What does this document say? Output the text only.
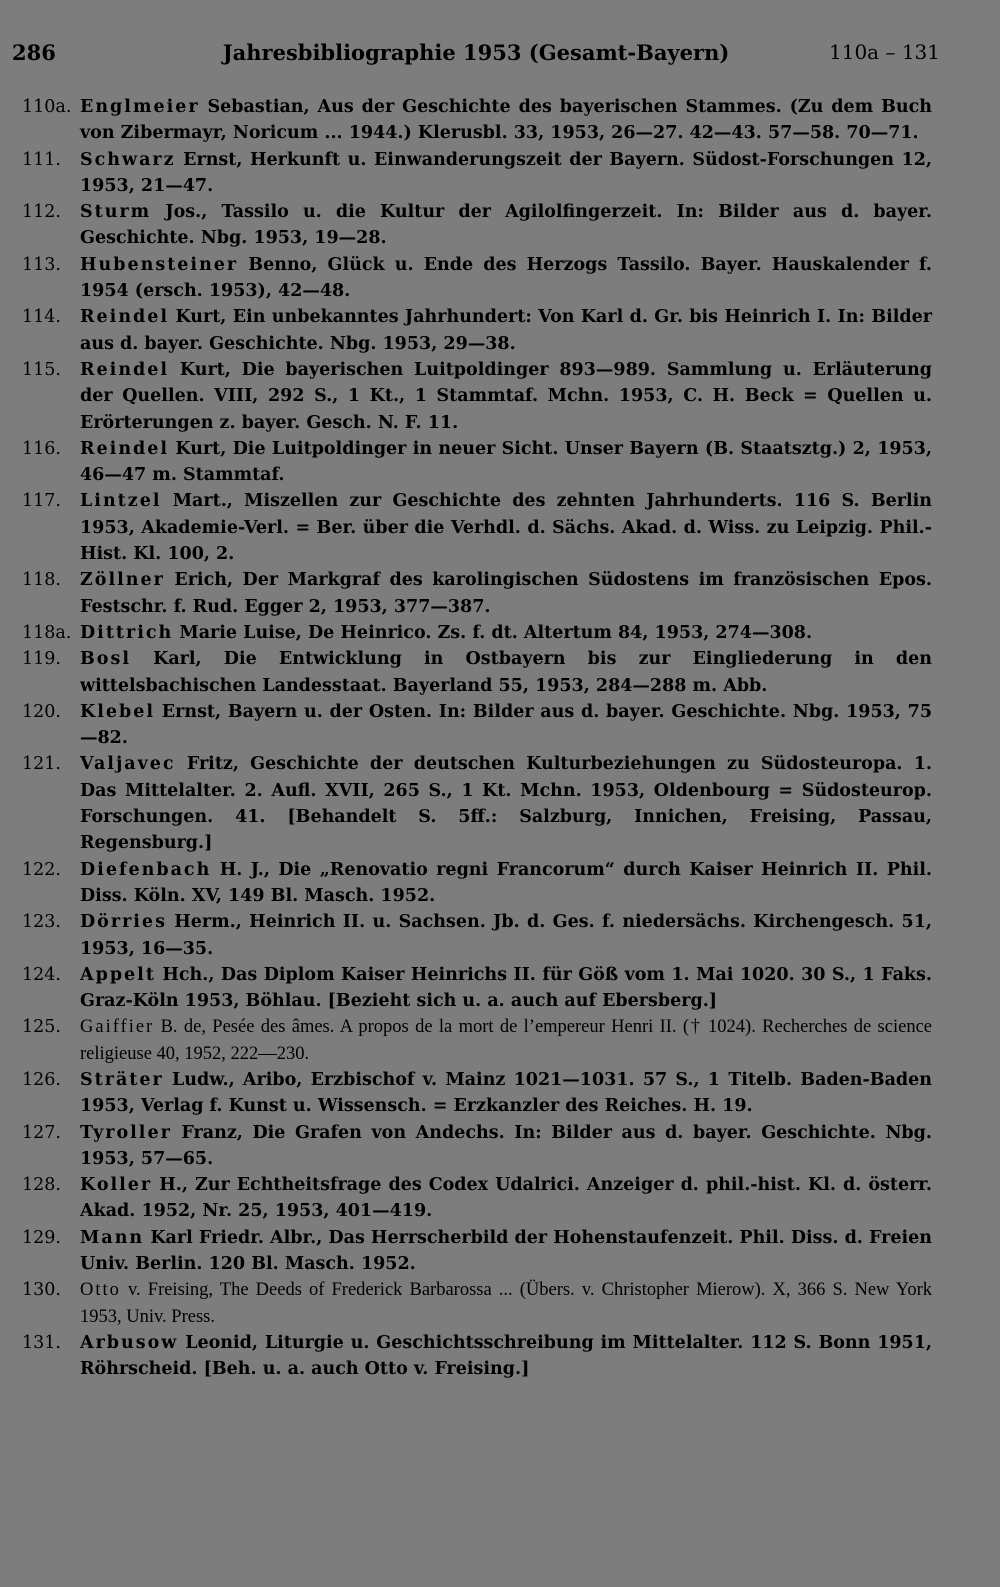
286	Jahresbibliographie 1953 (Gesamt-Bayern)	110a – 131
110a. Englmeier Sebastian, Aus der Geschichte des bayerischen Stammes. (Zu dem Buch von Zibermayr, Noricum ... 1944.) Klerusbl. 33, 1953, 26—27. 42—43. 57—58. 70—71.
111.	Schwarz Ernst, Herkunft u. Einwanderungszeit der Bayern. Südost-Forschungen 12, 1953, 21—47.
112.	Sturm Jos., Tassilo u. die Kultur der Agilolfingerzeit. In: Bilder aus d. bayer. Geschichte. Nbg. 1953, 19—28.
113.	Hubensteiner Benno, Glück u. Ende des Herzogs Tassilo. Bayer. Hauskalender f. 1954 (ersch. 1953), 42—48.
114.	Reindel Kurt, Ein unbekanntes Jahrhundert: Von Karl d. Gr. bis Heinrich I. In: Bilder aus d. bayer. Geschichte. Nbg. 1953, 29—38.
115.	Reindel Kurt, Die bayerischen Luitpoldinger 893—989. Sammlung u. Erläuterung der Quellen. VIII, 292 S., 1 Kt., 1 Stammtaf. Mchn. 1953, C. H. Beck = Quellen u. Erörterungen z. bayer. Gesch. N. F. 11.
116.	Reindel Kurt, Die Luitpoldinger in neuer Sicht. Unser Bayern (B. Staatsztg.) 2, 1953, 46—47 m. Stammtaf.
117.	Lintzel Mart., Miszellen zur Geschichte des zehnten Jahrhunderts. 116 S. Berlin 1953, Akademie-Verl. = Ber. über die Verhdl. d. Sächs. Akad. d. Wiss. zu Leipzig. Phil.-Hist. Kl. 100, 2.
118.	Zöllner Erich, Der Markgraf des karolingischen Südostens im französischen Epos. Festschr. f. Rud. Egger 2, 1953, 377—387.
118a. Dittrich Marie Luise, De Heinrico. Zs. f. dt. Altertum 84, 1953, 274—308.
119.	Bosl Karl, Die Entwicklung in Ostbayern bis zur Eingliederung in den wittelsbachischen Landesstaat. Bayerland 55, 1953, 284—288 m. Abb.
120.	Klebel Ernst, Bayern u. der Osten. In: Bilder aus d. bayer. Geschichte. Nbg. 1953, 75—82.
121.	Valjavec Fritz, Geschichte der deutschen Kulturbeziehungen zu Südosteuropa. 1. Das Mittelalter. 2. Aufl. XVII, 265 S., 1 Kt. Mchn. 1953, Oldenbourg = Südosteurop. Forschungen. 41. [Behandelt S. 5ff.: Salzburg, Innichen, Freising, Passau, Regensburg.]
122.	Diefenbach H. J., Die „Renovatio regni Francorum“ durch Kaiser Heinrich II. Phil. Diss. Köln. XV, 149 Bl. Masch. 1952.
123.	Dörries Herm., Heinrich II. u. Sachsen. Jb. d. Ges. f. niedersächs. Kirchengesch. 51, 1953, 16—35.
124.	Appelt Hch., Das Diplom Kaiser Heinrichs II. für Göß vom 1. Mai 1020. 30 S., 1 Faks. Graz-Köln 1953, Böhlau. [Bezieht sich u. a. auch auf Ebersberg.]
125.	Gaiffier B. de, Pesée des âmes. A propos de la mort de l’empereur Henri II. († 1024). Recherches de science religieuse 40, 1952, 222—230.
126.	Sträter Ludw., Aribo, Erzbischof v. Mainz 1021—1031. 57 S., 1 Titelb. Baden-Baden 1953, Verlag f. Kunst u. Wissensch. = Erzkanzler des Reiches. H. 19.
127.	Tyroller Franz, Die Grafen von Andechs. In: Bilder aus d. bayer. Geschichte. Nbg. 1953, 57—65.
128.	Koller H., Zur Echtheitsfrage des Codex Udalrici. Anzeiger d. phil.-hist. Kl. d. österr. Akad. 1952, Nr. 25, 1953, 401—419.
129.	Mann Karl Friedr. Albr., Das Herrscherbild der Hohenstaufenzeit. Phil. Diss. d. Freien Univ. Berlin. 120 Bl. Masch. 1952.
130.	Otto v. Freising, The Deeds of Frederick Barbarossa ... (Übers. v. Christopher Mierow). X, 366 S. New York 1953, Univ. Press.
131.	Arbusow Leonid, Liturgie u. Geschichtsschreibung im Mittelalter. 112 S. Bonn 1951, Röhrscheid. [Beh. u. a. auch Otto v. Freising.]
